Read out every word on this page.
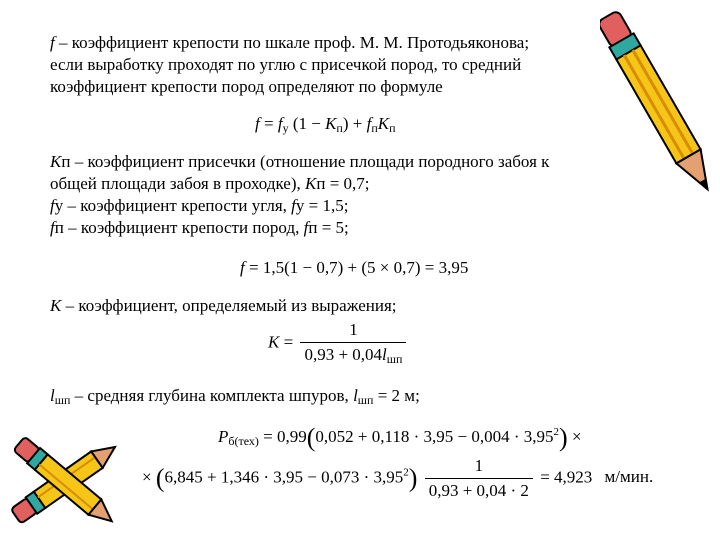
f – коэффициент крепости по шкале проф. М. М. Протодьяконова;
если выработку проходят по углю с присечкой пород, то средний
коэффициент крепости пород определяют по формуле
$f = f_у$ $(1 - K_п) + f_пK_п$
Kп – коэффициент присечки (отношение площади породного забоя к
общей площади забоя в проходке), Kп = 0,7;
fу – коэффициент крепости угля, fу = 1,5;
fп – коэффициент крепости пород, fп = 5;
f = 1,5(1 − 0,7) + (5 × 0,7) = 3,95
K – коэффициент, определяемый из выражения;
$K = \frac{1}{0,93 + 0,04l_{шп}}$
$l_{шп}$ – средняя глубина комплекта шпуров, $l_{шп} = 2$ м;
$P_{б(тех)} = 0,99(0,052 + 0,118 \cdot 3,95 - 0,004 \cdot 3,95^2)$ ×
× $(6,845 + 1,346 \cdot 3,95 - 0,073 \cdot 3,95^2) \frac{1}{0,93 + 0,04 \cdot 2} = 4,923$ м/мин.
